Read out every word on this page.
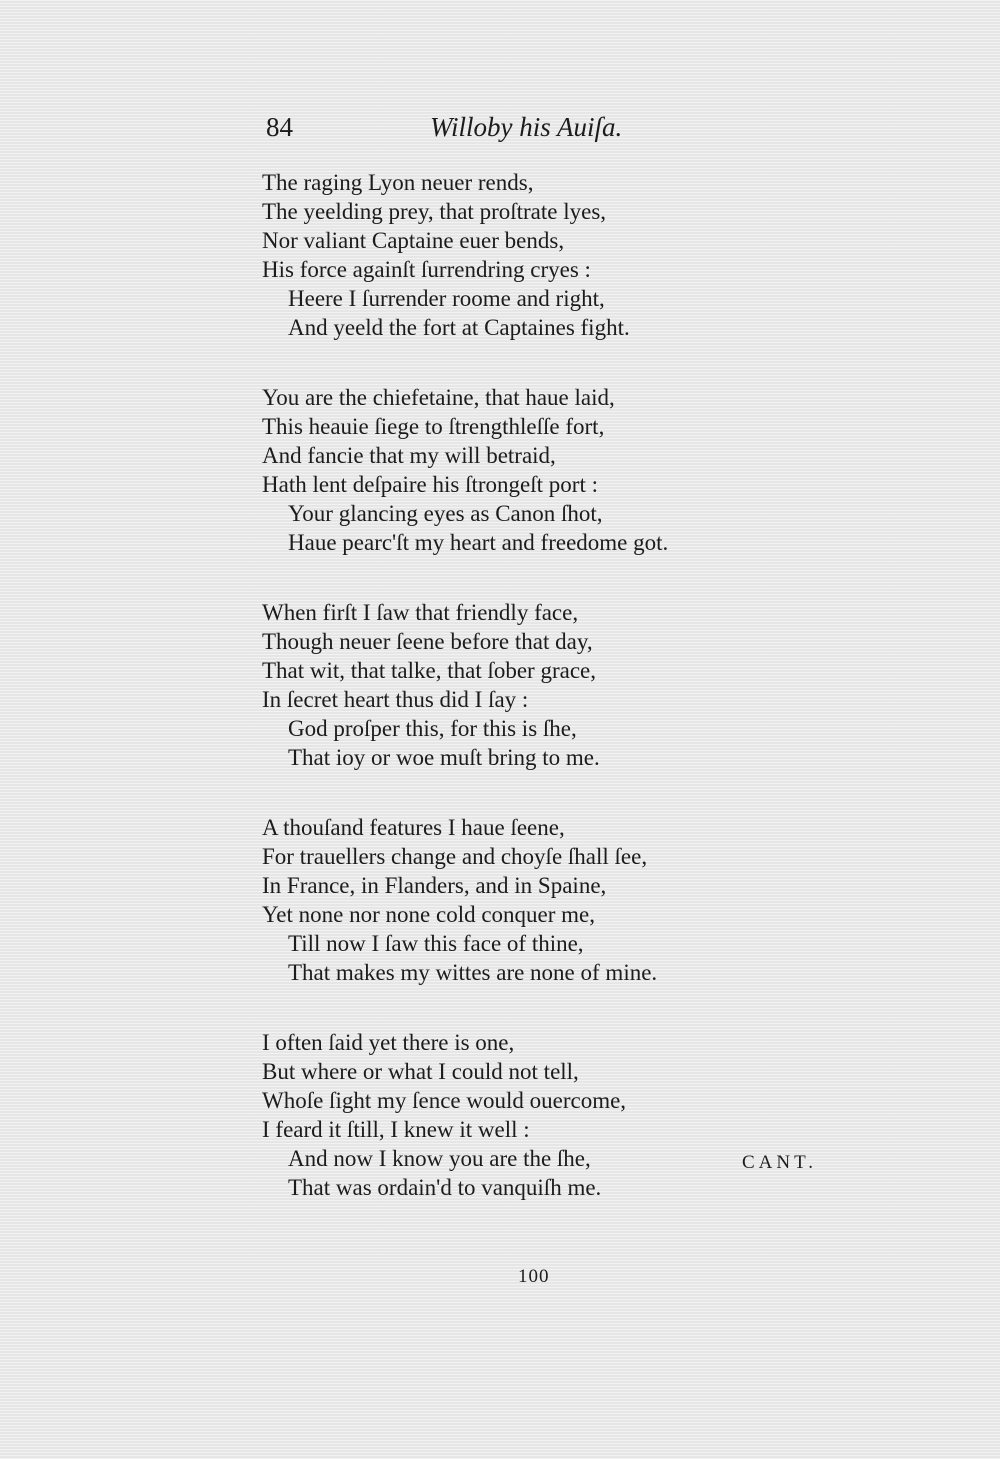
84	Willoby his Auiſa.
The raging Lyon neuer rends,
The yeelding prey, that proſtrate lyes,
Nor valiant Captaine euer bends,
His force againſt ſurrendring cryes :
Heere I ſurrender roome and right,
And yeeld the fort at Captaines fight.
You are the chiefetaine, that haue laid,
This heauie ſiege to ſtrengthleſſe fort,
And fancie that my will betraid,
Hath lent deſpaire his ſtrongeſt port :
Your glancing eyes as Canon ſhot,
Haue pearc'ſt my heart and freedome got.
When firſt I ſaw that friendly face,
Though neuer ſeene before that day,
That wit, that talke, that ſober grace,
In ſecret heart thus did I ſay :
God proſper this, for this is ſhe,
That ioy or woe muſt bring to me.
A thouſand features I haue ſeene,
For trauellers change and choyſe ſhall ſee,
In France, in Flanders, and in Spaine,
Yet none nor none cold conquer me,
Till now I ſaw this face of thine,
That makes my wittes are none of mine.
I often ſaid yet there is one,
But where or what I could not tell,
Whoſe ſight my ſence would ouercome,
I feard it ſtill, I knew it well :
And now I know you are the ſhe,
That was ordain'd to vanquiſh me.
CANT.
100
